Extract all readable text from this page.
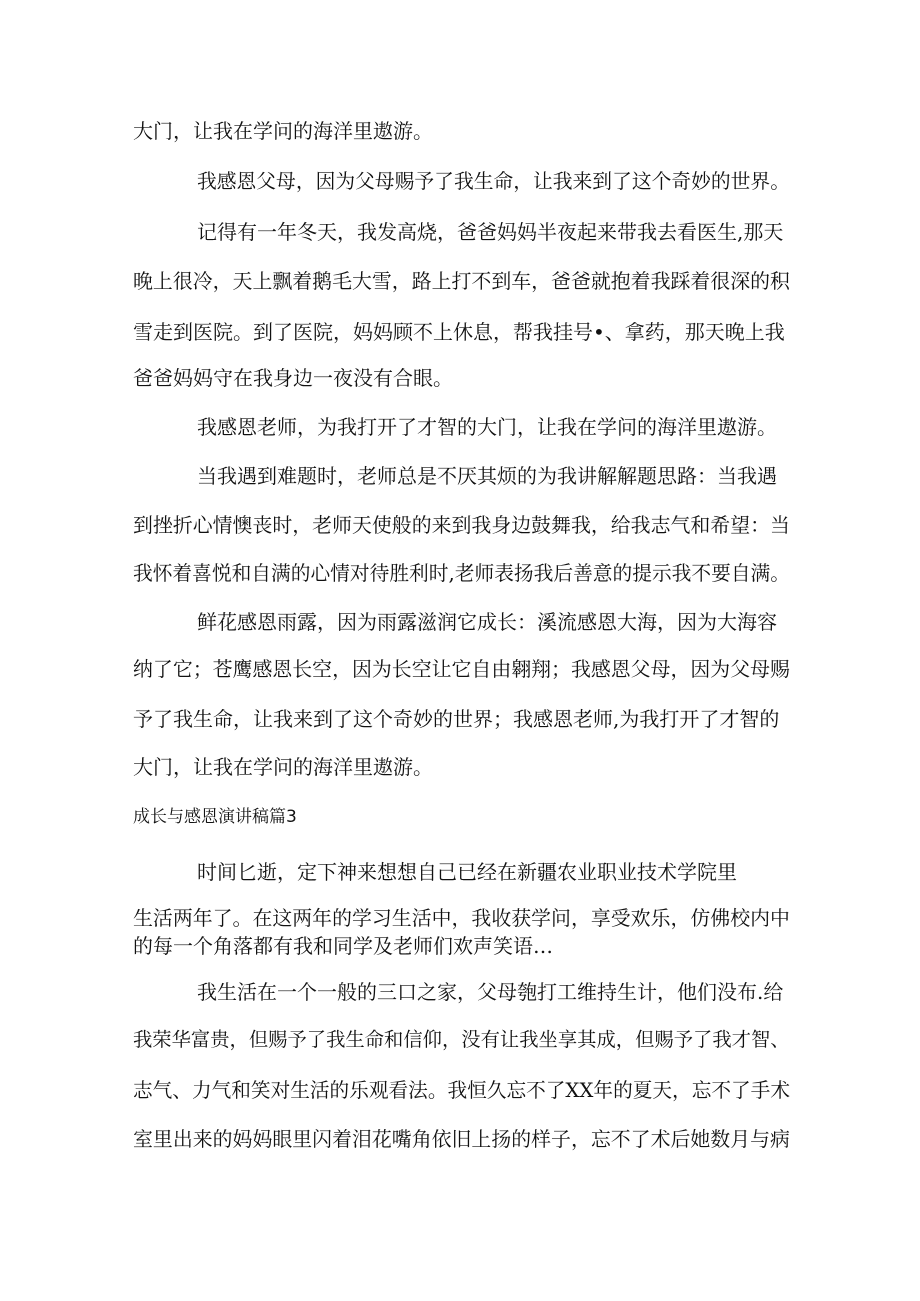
大门，让我在学问的海洋里遨游。
我感恩父母，因为父母赐予了我生命，让我来到了这个奇妙的世界。
记得有一年冬天，我发高烧，爸爸妈妈半夜起来带我去看医生,那天
晚上很冷，天上飘着鹅毛大雪，路上打不到车，爸爸就抱着我踩着很深的积
雪走到医院。到了医院，妈妈顾不上休息，帮我挂号•、拿药，那天晚上我
爸爸妈妈守在我身边一夜没有合眼。
我感恩老师，为我打开了才智的大门，让我在学问的海洋里遨游。
当我遇到难题时，老师总是不厌其烦的为我讲解解题思路：当我遇
到挫折心情懊丧时，老师天使般的来到我身边鼓舞我，给我志气和希望：当
我怀着喜悦和自满的心情对待胜利时,老师表扬我后善意的提示我不要自满。
鲜花感恩雨露，因为雨露滋润它成长：溪流感恩大海，因为大海容
纳了它；苍鹰感恩长空，因为长空让它自由翱翔；我感恩父母，因为父母赐
予了我生命，让我来到了这个奇妙的世界；我感恩老师,为我打开了才智的
大门，让我在学问的海洋里遨游。
成长与感恩演讲稿篇3
时间匕逝，定下神来想想自己已经在新疆农业职业技术学院里
生活两年了。在这两年的学习生活中，我收获学问，享受欢乐，仿佛校内中
的每一个角落都有我和同学及老师们欢声笑语…
我生活在一个一般的三口之家，父母匏打工维持生计，他们没布.给
我荣华富贵，但赐予了我生命和信仰，没有让我坐享其成，但赐予了我才智、
志气、力气和笑对生活的乐观看法。我恒久忘不了XX年的夏天，忘不了手术
室里出来的妈妈眼里闪着泪花嘴角依旧上扬的样子，忘不了术后她数月与病
